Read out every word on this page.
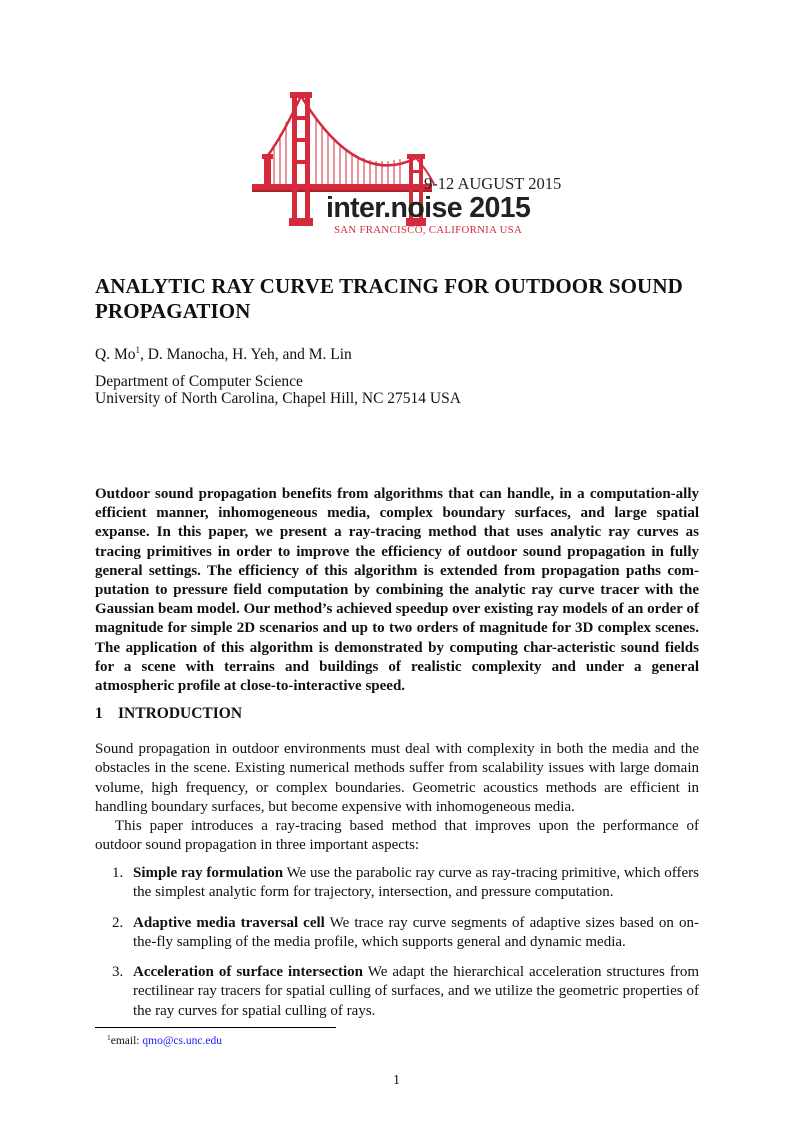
9-12 AUGUST 2015
inter.noise 2015
SAN FRANCISCO, CALIFORNIA USA
ANALYTIC RAY CURVE TRACING FOR OUTDOOR SOUND PROPAGATION

Q. Mo$^1$, D. Manocha, H. Yeh, and M. Lin

Department of Computer Science
University of North Carolina, Chapel Hill, NC 27514 USA

Outdoor sound propagation benefits from algorithms that can handle, in a computation-ally efficient manner, inhomogeneous media, complex boundary surfaces, and large spatial expanse. In this paper, we present a ray-tracing method that uses analytic ray curves as tracing primitives in order to improve the efficiency of outdoor sound propagation in fully general settings. The efficiency of this algorithm is extended from propagation paths com-putation to pressure field computation by combining the analytic ray curve tracer with the Gaussian beam model. Our method’s achieved speedup over existing ray models of an order of magnitude for simple 2D scenarios and up to two orders of magnitude for 3D complex scenes. The application of this algorithm is demonstrated by computing char-acteristic sound fields for a scene with terrains and buildings of realistic complexity and under a general atmospheric profile at close-to-interactive speed.

1 INTRODUCTION

Sound propagation in outdoor environments must deal with complexity in both the media and the obstacles in the scene. Existing numerical methods suffer from scalability issues with large domain volume, high frequency, or complex boundaries. Geometric acoustics methods are efficient in handling boundary surfaces, but become expensive with inhomogeneous media.

This paper introduces a ray-tracing based method that improves upon the performance of outdoor sound propagation in three important aspects:

1. Simple ray formulation We use the parabolic ray curve as ray-tracing primitive, which offers the simplest analytic form for trajectory, intersection, and pressure computation.
2. Adaptive media traversal cell We trace ray curve segments of adaptive sizes based on on-the-fly sampling of the media profile, which supports general and dynamic media.
3. Acceleration of surface intersection We adapt the hierarchical acceleration structures from rectilinear ray tracers for spatial culling of surfaces, and we utilize the geometric properties of the ray curves for spatial culling of rays.

$^1$email: qmo@cs.unc.edu

1
